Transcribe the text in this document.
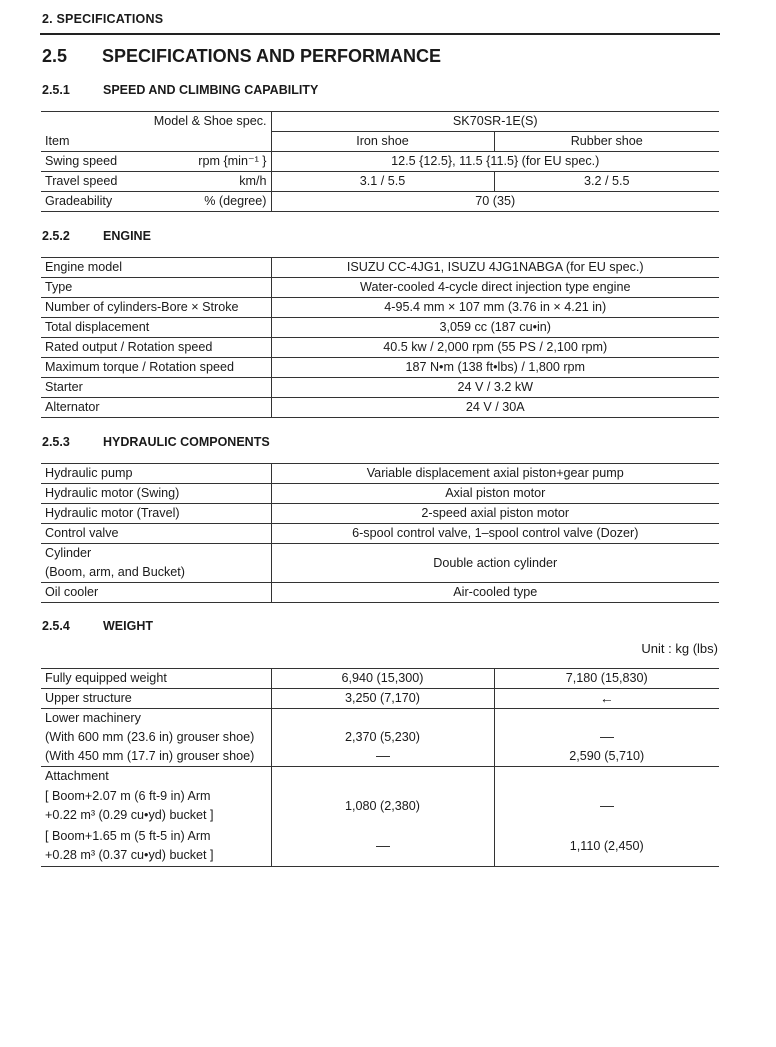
2. SPECIFICATIONS
2.5 SPECIFICATIONS AND PERFORMANCE
2.5.1	SPEED AND CLIMBING CAPABILITY
Model & Shoe spec.	SK70SR-1E(S)	
Item	Iron shoe	Rubber shoe

Swing speed rpm {min⁻¹ }	12.5 {12.5}, 11.5 {11.5} (for EU spec.)	

Travel speed km/h	3.1 / 5.5	3.2 / 5.5

Gradeability % (degree)	70 (35)	
2.5.2	ENGINE
Engine model	ISUZU CC-4JG1, ISUZU 4JG1NABGA (for EU spec.)
Type	Water-cooled 4-cycle direct injection type engine
Number of cylinders-Bore × Stroke	4-95.4 mm × 107 mm (3.76 in × 4.21 in)
Total displacement	3,059 cc (187 cu•in)
Rated output / Rotation speed	40.5 kw / 2,000 rpm (55 PS / 2,100 rpm)
Maximum torque / Rotation speed	187 N•m (138 ft•lbs) / 1,800 rpm
Starter	24 V / 3.2 kW
Alternator	24 V / 30A
2.5.3	HYDRAULIC COMPONENTS
Hydraulic pump	Variable displacement axial piston+gear pump
Hydraulic motor (Swing)	Axial piston motor
Hydraulic motor (Travel)	2-speed axial piston motor
Control valve	6-spool control valve, 1–spool control valve (Dozer)

Cylinder
(Boom, arm, and Bucket)	Double action cylinder
Oil cooler	Air-cooled type
2.5.4	WEIGHT
Unit : kg (lbs)
Fully equipped weight	6,940 (15,300)	7,180 (15,830)
Upper structure	3,250 (7,170)	←
Lower machinery		
(With 600 mm (23.6 in) grouser shoe)	2,370 (5,230)	
(With 450 mm (17.7 in) grouser shoe)		2,590 (5,710)
Attachment		

[ Boom+2.07 m (6 ft-9 in) Arm
+0.22 m³ (0.29 cu•yd) bucket ]	1,080 (2,380)	

[ Boom+1.65 m (5 ft-5 in) Arm
+0.28 m³ (0.37 cu•yd) bucket ]		1,110 (2,450)
